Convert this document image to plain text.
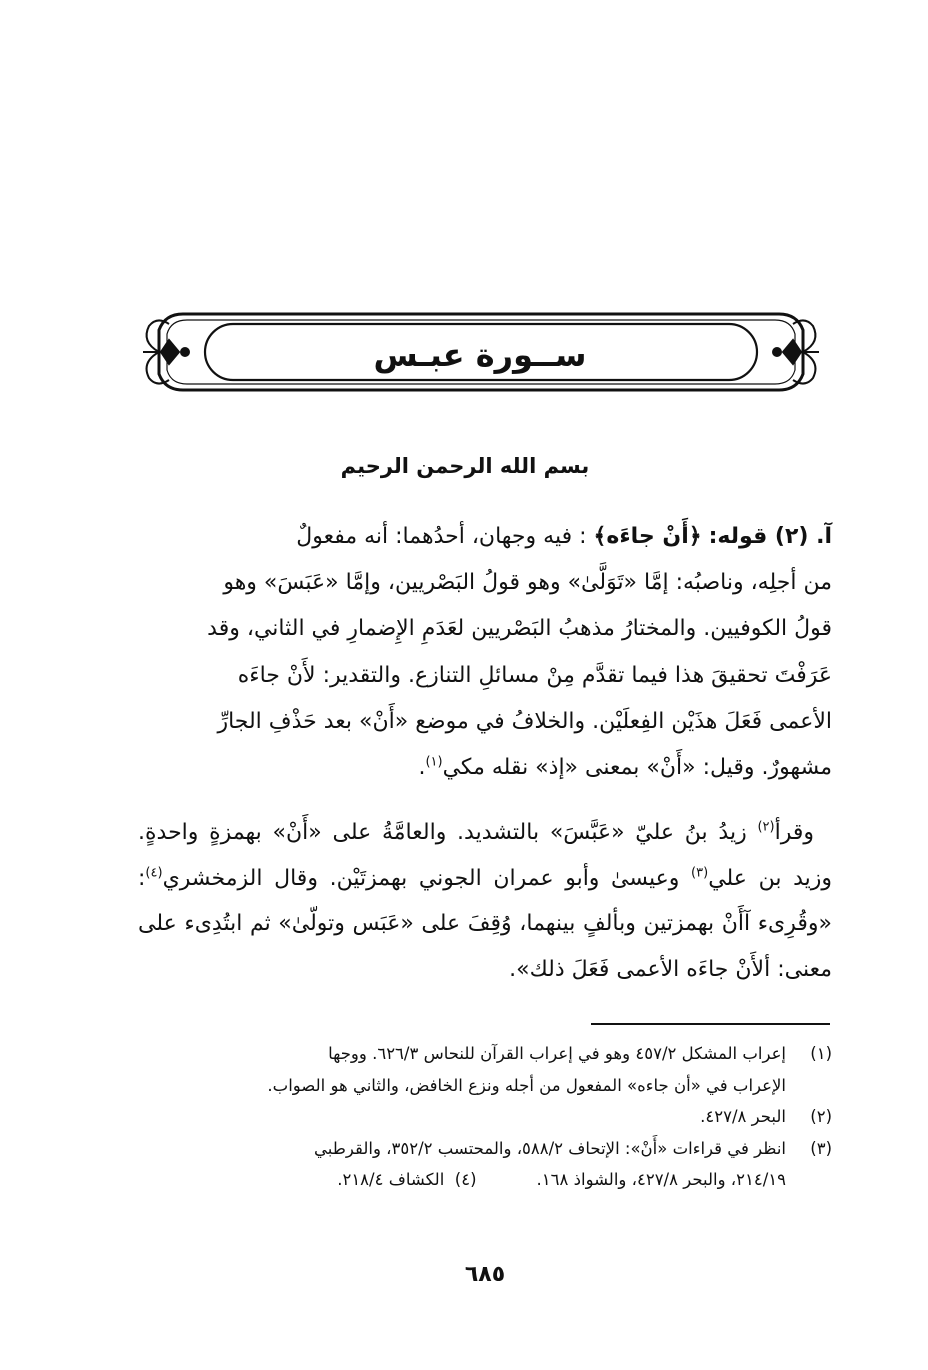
ســورة عبـس
بسم الله الرحمن الرحيم

آ. (٢) قوله: ﴿أَنْ جاءَه﴾ : فيه وجهان، أحدُهما: أنه مفعولٌ

من أجلِه، وناصبُه: إمَّا «تَوَلَّىٰ» وهو قولُ البَصْريين، وإمَّا «عَبَسَ» وهو

قولُ الكوفيين. والمختارُ مذهبُ البَصْريين لعَدَمِ الإِضمارِ في الثاني، وقد

عَرَفْتَ تحقيقَ هذا فيما تقدَّم مِنْ مسائلِ التنازع. والتقدير: لأَنْ جاءَه

الأعمى فَعَلَ هذَيْن الفِعلَيْن. والخلافُ في موضع «أَنْ» بعد حَذْفِ الجارِّ

مشهورٌ. وقيل: «أَنْ» بمعنى «إذ» نقله مكي$^{(١)}$.

وقرأ$^{(٢)}$ زيدُ بنُ عليّ «عَبَّسَ» بالتشديد. والعامَّةُ على «أَنْ» بهمزةٍ واحدةٍ. وزيد بن علي$^{(٣)}$ وعيسىٰ وأبو عمران الجوني بهمزتَيْن. وقال الزمخشري$^{(٤)}$: «وقُرِىء آأَنْ بهمزتين وبألفٍ بينهما، وُقِفَ على «عَبَس وتولّىٰ» ثم ابتُدِىء على معنى: ألأَنْ جاءَه الأعمى فَعَلَ ذلك».

(١)إعراب المشكل ٤٥٧/٢ وهو في إعراب القرآن للنحاس ٦٢٦/٣. ووجها

الإعراب في «أن جاءه» المفعول من أجله ونزع الخافض، والثاني هو الصواب.

(٢)البحر ٤٢٧/٨.

(٣)انظر في قراءات «أَنْ»: الإتحاف ٥٨٨/٢، والمحتسب ٣٥٢/٢، والقرطبي

٢١٤/١٩، والبحر ٤٢٧/٨، والشواذ ١٦٨.(٤)  الكشاف ٢١٨/٤.

٦٨٥
